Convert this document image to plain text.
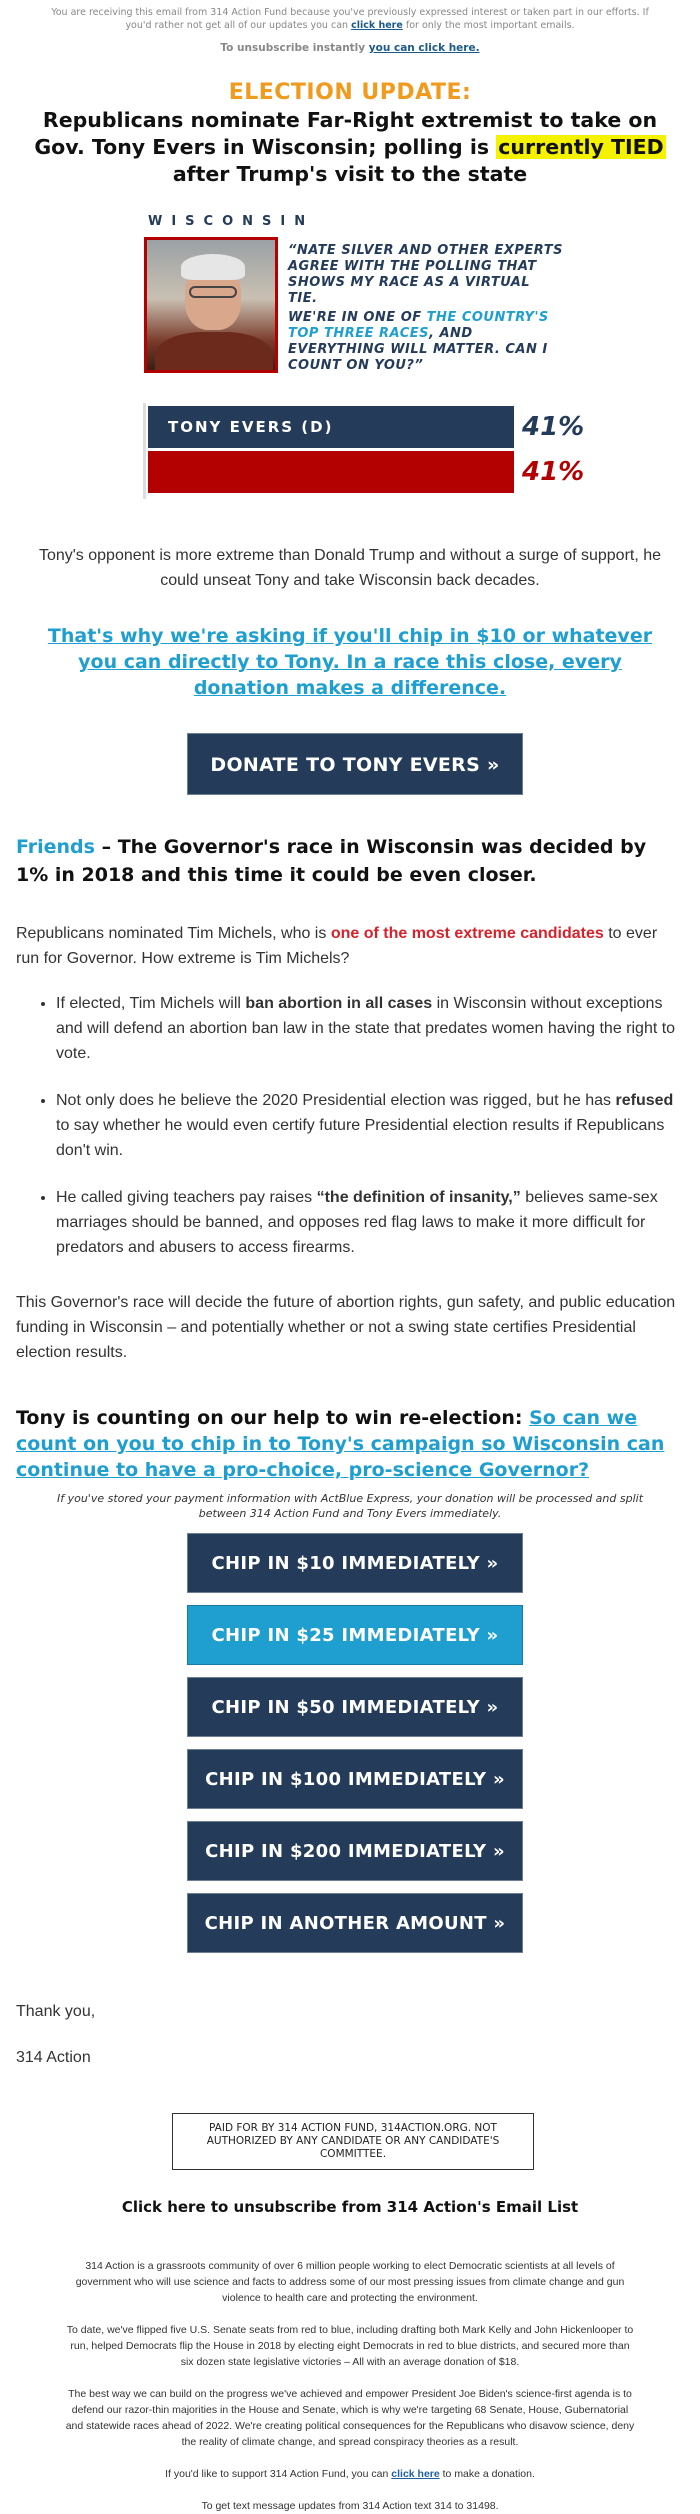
You are receiving this email from 314 Action Fund because you've previously expressed interest or taken part in our efforts. If you'd rather not get all of our updates you can click here for only the most important emails.
To unsubscribe instantly you can click here.
ELECTION UPDATE:
Republicans nominate Far-Right extremist to take on Gov. Tony Evers in Wisconsin; polling is currently TIED after Trump's visit to the state
WISCONSIN
“NATE SILVER AND OTHER EXPERTS AGREE WITH THE POLLING THAT SHOWS MY RACE AS A VIRTUAL TIE.
WE'RE IN ONE OF THE COUNTRY'S TOP THREE RACES, AND EVERYTHING WILL MATTER. CAN I COUNT ON YOU?”
TONY EVERS (D)	41%
41%

Tony's opponent is more extreme than Donald Trump and without a surge of support, he could unseat Tony and take Wisconsin back decades.

That's why we're asking if you'll chip in $10 or whatever you can directly to Tony. In a race this close, every donation makes a difference.
DONATE TO TONY EVERS »

Friends – The Governor's race in Wisconsin was decided by 1% in 2018 and this time it could be even closer.

Republicans nominated Tim Michels, who is one of the most extreme candidates to ever run for Governor. How extreme is Tim Michels?

• If elected, Tim Michels will ban abortion in all cases in Wisconsin without exceptions and will defend an abortion ban law in the state that predates women having the right to vote.
• Not only does he believe the 2020 Presidential election was rigged, but he has refused to say whether he would even certify future Presidential election results if Republicans don't win.
• He called giving teachers pay raises “the definition of insanity,” believes same-sex marriages should be banned, and opposes red flag laws to make it more difficult for predators and abusers to access firearms.

This Governor's race will decide the future of abortion rights, gun safety, and public education funding in Wisconsin – and potentially whether or not a swing state certifies Presidential election results.

Tony is counting on our help to win re-election: So can we count on you to chip in to Tony's campaign so Wisconsin can continue to have a pro-choice, pro-science Governor?

If you've stored your payment information with ActBlue Express, your donation will be processed and split between 314 Action Fund and Tony Evers immediately.

CHIP IN $10 IMMEDIATELY »
CHIP IN $25 IMMEDIATELY »
CHIP IN $50 IMMEDIATELY »
CHIP IN $100 IMMEDIATELY »
CHIP IN $200 IMMEDIATELY »
CHIP IN ANOTHER AMOUNT »

Thank you,

314 Action

PAID FOR BY 314 ACTION FUND, 314ACTION.ORG. NOT AUTHORIZED BY ANY CANDIDATE OR ANY CANDIDATE'S COMMITTEE.
Click here to unsubscribe from 314 Action's Email List

314 Action is a grassroots community of over 6 million people working to elect Democratic scientists at all levels of government who will use science and facts to address some of our most pressing issues from climate change and gun violence to health care and protecting the environment.

To date, we've flipped five U.S. Senate seats from red to blue, including drafting both Mark Kelly and John Hickenlooper to run, helped Democrats flip the House in 2018 by electing eight Democrats in red to blue districts, and secured more than six dozen state legislative victories – All with an average donation of $18.

The best way we can build on the progress we've achieved and empower President Joe Biden's science-first agenda is to defend our razor-thin majorities in the House and Senate, which is why we're targeting 68 Senate, House, Gubernatorial and statewide races ahead of 2022. We're creating political consequences for the Republicans who disavow science, deny the reality of climate change, and spread conspiracy theories as a result.

If you'd like to support 314 Action Fund, you can click here to make a donation.

To get text message updates from 314 Action text 314 to 31498.
